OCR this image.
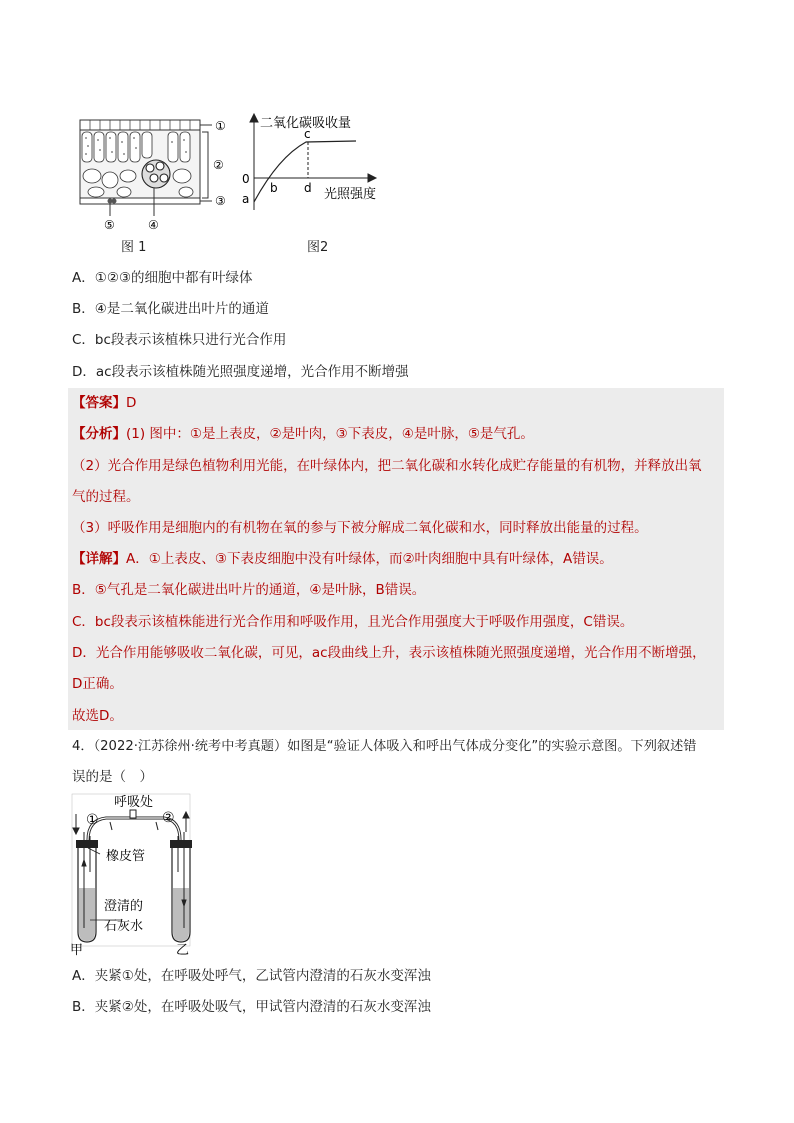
①
②
③
④
⑤
图 1
二氧化碳吸收量
光照强度
0
a
b
c
d
图2
A．①②③的细胞中都有叶绿体
B．④是二氧化碳进出叶片的通道
C．bc段表示该植株只进行光合作用
D．ac段表示该植株随光照强度递增，光合作用不断增强
【答案】D
【分析】(1) 图中：①是上表皮，②是叶肉，③下表皮，④是叶脉，⑤是气孔。
（2）光合作用是绿色植物利用光能，在叶绿体内，把二氧化碳和水转化成贮存能量的有机物，并释放出氧
气的过程。
（3）呼吸作用是细胞内的有机物在氧的参与下被分解成二氧化碳和水，同时释放出能量的过程。
【详解】A．①上表皮、③下表皮细胞中没有叶绿体，而②叶肉细胞中具有叶绿体，A错误。
B．⑤气孔是二氧化碳进出叶片的通道，④是叶脉，B错误。
C．bc段表示该植株能进行光合作用和呼吸作用，且光合作用强度大于呼吸作用强度，C错误。
D．光合作用能够吸收二氧化碳，可见，ac段曲线上升，表示该植株随光照强度递增，光合作用不断增强，
D正确。
故选D。
4．（2022·江苏徐州·统考中考真题）如图是“验证人体吸入和呼出气体成分变化”的实验示意图。下列叙述错
误的是（　）
呼吸处
①	②
橡皮管
澄清的
石灰水
甲	乙
A．夹紧①处，在呼吸处呼气，乙试管内澄清的石灰水变浑浊
B．夹紧②处，在呼吸处吸气，甲试管内澄清的石灰水变浑浊
